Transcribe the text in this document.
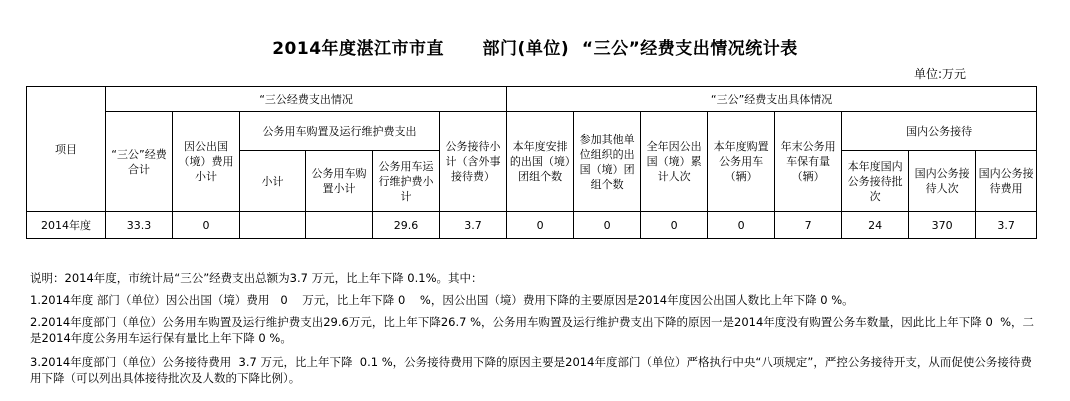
2014年度湛江市市直      部门(单位)  “三公”经费支出情况统计表
单位:万元
项目	“三公经费支出情况						“三公”经费支出具体情况							
	“三公”经费合计	因公出国（境）费用小计	公务用车购置及运行维护费支出			公务接待小计（含外事接待费）	本年度安排的出国（境）团组个数	参加其他单位组织的出国（境）团组个数	全年因公出国（境）累计人次	本年度购置公务用车（辆）	年末公务用车保有量（辆）	国内公务接待		
			小计	公务用车购置小计	公务用车运行维护费小计							本年度国内公务接待批次	国内公务接待人次	国内公务接待费用
2014年度	33.3	0			29.6	3.7	0	0	0	0	7	24	370	3.7
说明：2014年度，市统计局“三公”经费支出总额为3.7 万元，比上年下降 0.1%。其中：
1.2014年度 部门（单位）因公出国（境）费用   0    万元，比上年下降 0    %，因公出国（境）费用下降的主要原因是2014年度因公出国人数比上年下降 0 %。
2.2014年度部门（单位）公务用车购置及运行维护费支出29.6万元，比上年下降26.7 %，公务用车购置及运行维护费支出下降的原因一是2014年度没有购置公务车数量，因此比上年下降 0  %，二是2014年度公务用车运行保有量比上年下降 0 %。
3.2014年度部门（单位）公务接待费用  3.7 万元，比上年下降  0.1 %，公务接待费用下降的原因主要是2014年度部门（单位）严格执行中央“八项规定”，严控公务接待开支，从而促使公务接待费用下降（可以列出具体接待批次及人数的下降比例）。
